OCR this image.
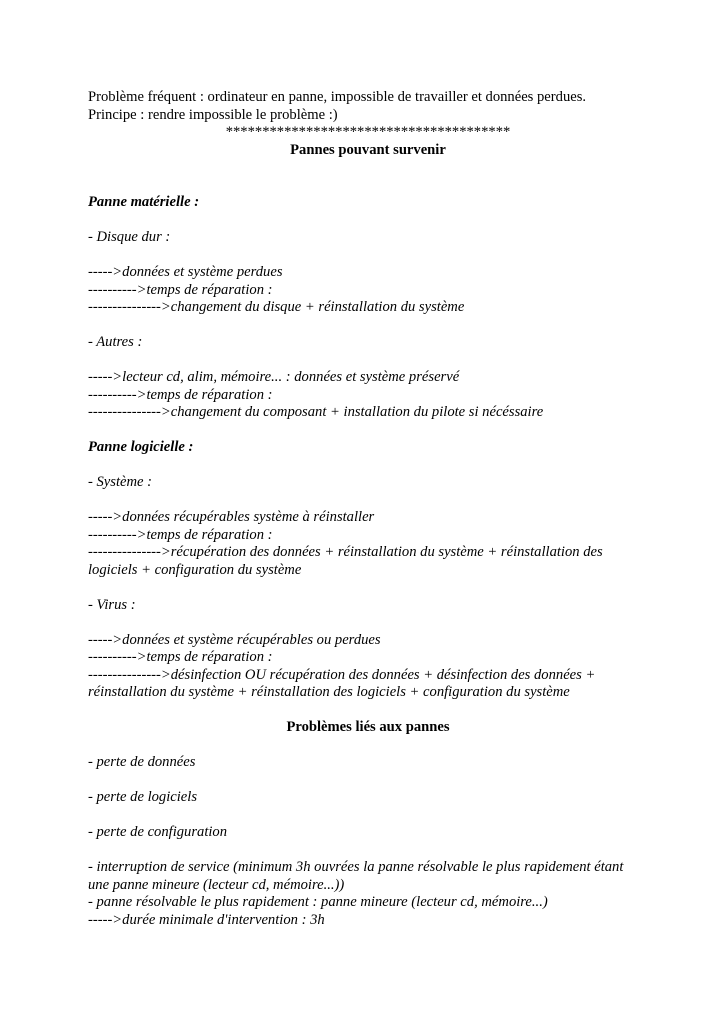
Problème fréquent : ordinateur en panne, impossible de travailler et données perdues.

Principe : rendre impossible le problème :)

***************************************

Pannes pouvant survenir

Panne matérielle :

- Disque dur :

----->données et système perdues

---------->temps de réparation :

--------------->changement du disque + réinstallation du système

- Autres :

----->lecteur cd, alim, mémoire... : données et système préservé

---------->temps de réparation :

--------------->changement du composant + installation du pilote si nécéssaire

Panne logicielle :

- Système :

----->données récupérables système à réinstaller

---------->temps de réparation :

--------------->récupération des données + réinstallation du système + réinstallation des logiciels + configuration du système

- Virus :

----->données et système récupérables ou perdues

---------->temps de réparation :

--------------->désinfection OU récupération des données + désinfection des données + réinstallation du système + réinstallation des logiciels + configuration du système

Problèmes liés aux pannes

- perte de données

- perte de logiciels

- perte de configuration

- interruption de service (minimum 3h ouvrées la panne résolvable le plus rapidement étant une panne mineure (lecteur cd, mémoire...))

- panne résolvable le plus rapidement : panne mineure (lecteur cd, mémoire...)

----->durée minimale d'intervention : 3h
